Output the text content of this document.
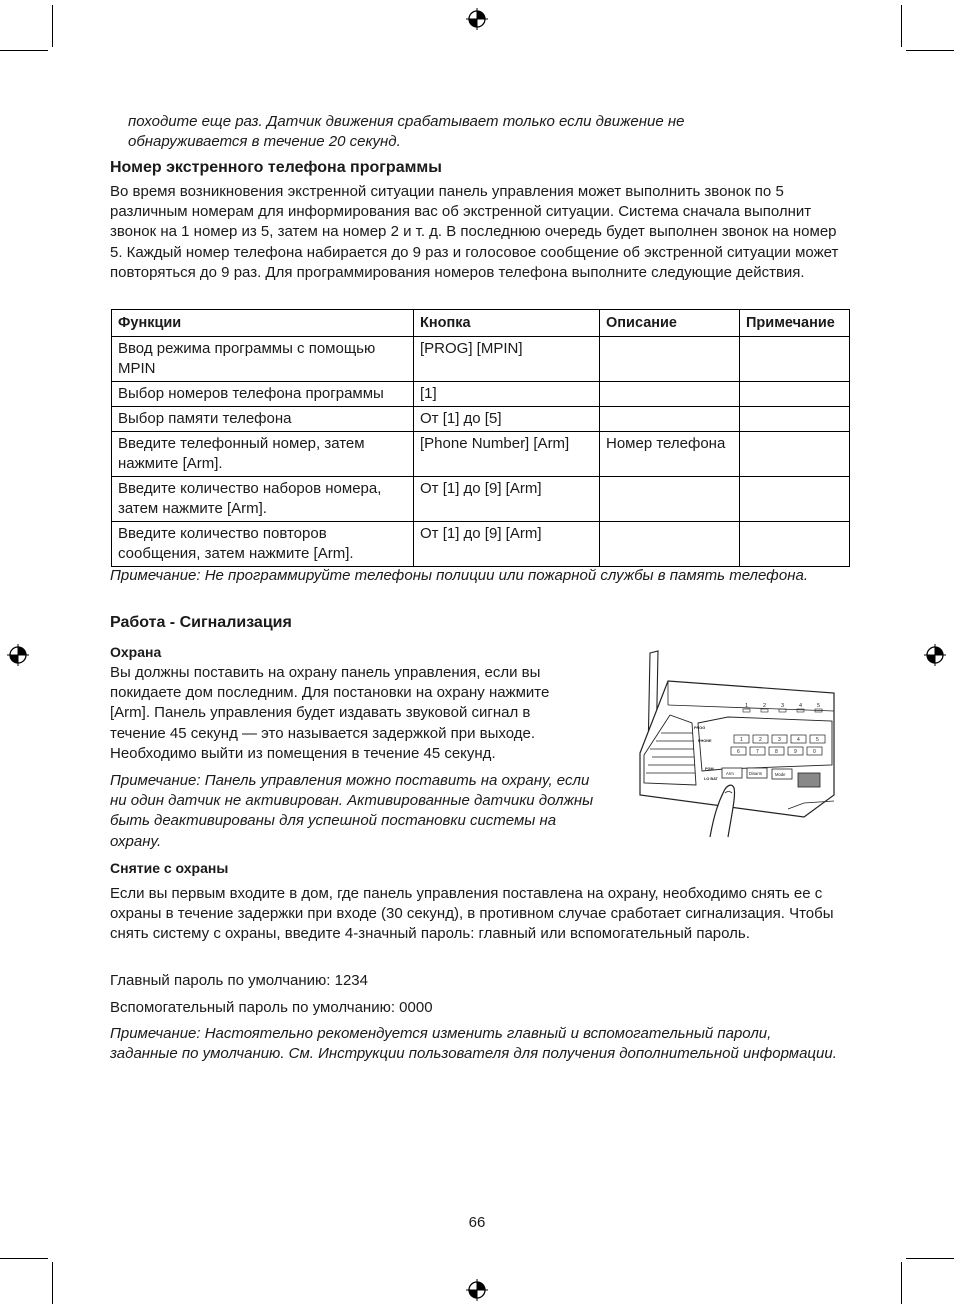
походите еще раз. Датчик движения срабатывает только если движение не обнаруживается в течение 20 секунд.

Номер экстренного телефона программы

Во время возникновения экстренной ситуации панель управления может выполнить звонок по 5 различным номерам для информирования вас об экстренной ситуации. Система сначала выполнит звонок на 1 номер из 5, затем на номер 2 и т. д. В последнюю очередь будет выполнен звонок на номер 5. Каждый номер телефона набирается до 9 раз и голосовое сообщение об экстренной ситуации может повторяться до 9 раз. Для программирования номеров телефона выполните следующие действия.

Функции	Кнопка	Описание	Примечание
Ввод режима программы с помощью MPIN	[PROG] [MPIN]		
Выбор номеров телефона программы	[1]		
Выбор памяти телефона	От [1] до [5]		
Введите телефонный номер, затем нажмите [Arm].	[Phone Number] [Arm]	Номер телефона	
Введите количество наборов номера, затем нажмите [Arm].	От [1] до [9] [Arm]		
Введите количество повторов сообщения, затем нажмите [Arm].	От [1] до [9] [Arm]		

Примечание: Не программируйте телефоны полиции или пожарной службы в память телефона.

Работа - Сигнализация
Охрана

Вы должны поставить на охрану панель управления, если вы покидаете дом последним. Для постановки на охрану нажмите [Arm]. Панель управления будет издавать звуковой сигнал в течение 45 секунд — это называется задержкой при выходе. Необходимо выйти из помещения в течение 45 секунд.

Примечание: Панель управления можно поставить на охрану, если ни один датчик не активирован. Активированные датчики должны быть деактивированы для успешной постановки системы на охрану.

1	2	3	4	5
1	2	3	4	5
6	7	8	9	0
PROG
PHONE
PGM
LO BAT
Arm	Disarm	Mode
Снятие с охраны

Если вы первым входите в дом, где панель управления поставлена на охрану, необходимо снять ее с охраны в течение задержки при входе (30 секунд), в противном случае сработает сигнализация. Чтобы снять систему с охраны, введите 4-значный пароль: главный или вспомогательный пароль.

Главный пароль по умолчанию: 1234

Вспомогательный пароль по умолчанию: 0000

Примечание: Настоятельно рекомендуется изменить главный и вспомогательный пароли, заданные по умолчанию. См. Инструкции пользователя для получения дополнительной информации.

66
